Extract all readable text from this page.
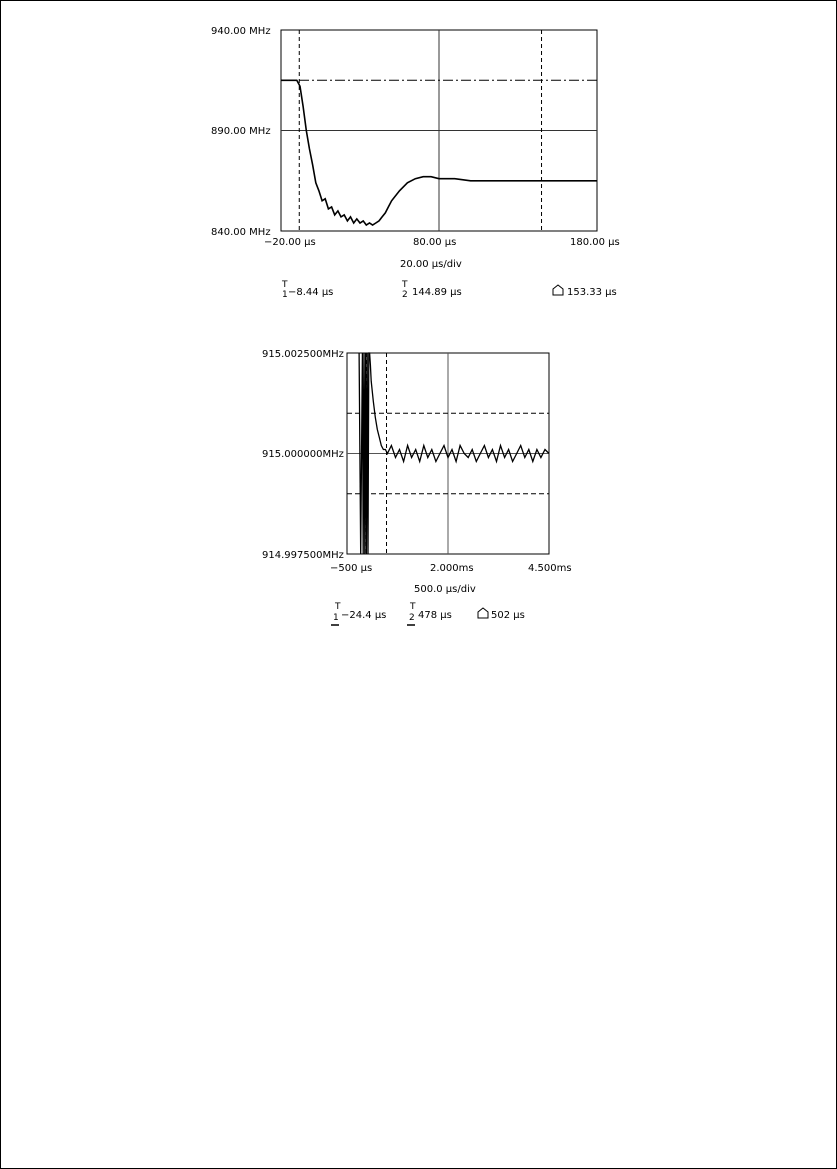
940.00 MHz
890.00 MHz
840.00 MHz
−20.00 μs	80.00 μs	180.00 μs
20.00 μs/div
T
1 −8.44 μs
T
2 144.89 μs	153.33 μs
915.002500MHz
915.000000MHz
914.997500MHz
−500 μs	2.000ms	4.500ms
500.0 μs/div
T
1 −24.4 μs
T
2 478 μs	502 μs
